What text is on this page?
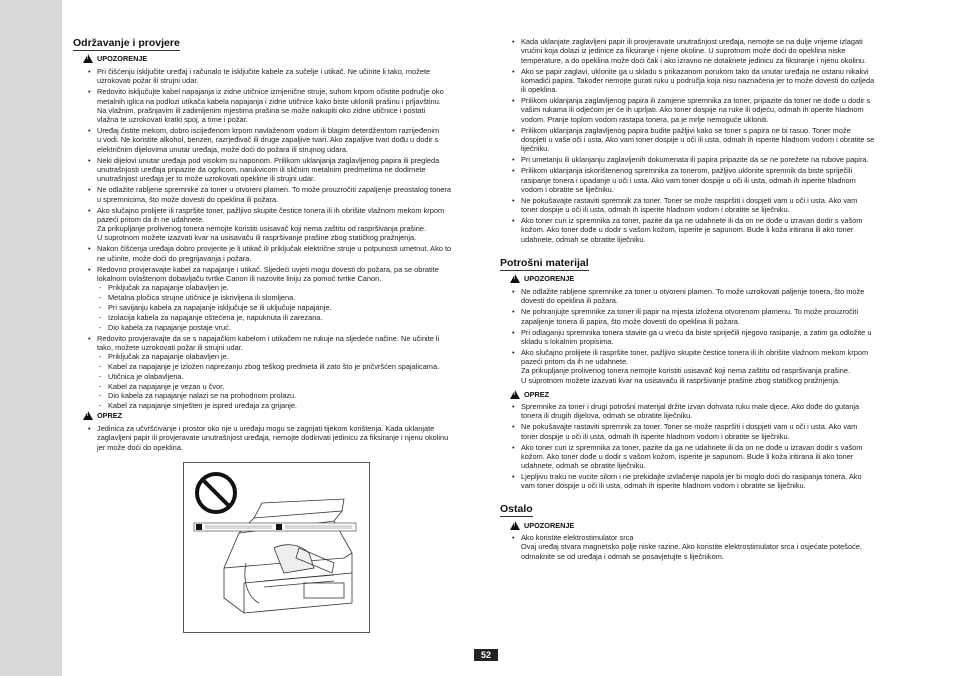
Održavanje i provjere
!
UPOZORENJE
• Pri čišćenju isključite uređaj i računalo te isključite kabele za sučelje i utikač. Ne učinite li tako, možete
uzrokovati požar ili strujni udar.
• Redovito isključujte kabel napajanja iz zidne utičnice izmjenične struje, suhom krpom očistite područje oko
metalnih iglica na podlozi utikača kabela napajanja i zidne utičnice kako biste uklonili prašinu i prljavštinu.
Na vlažnim, prašnjavim ili zadimljenim mjestima prašina se može nakupiti oko zidne utičnice i postati
vlažna te uzrokovati kratki spoj, a time i požar.
• Uređaj čistite mekom, dobro iscijeđenom krpom navlaženom vodom ili blagim deterdžentom razrijeđenim
u vodi. Ne koristite alkohol, benzen, razrjeđivač ili druge zapaljive tvari. Ako zapaljive tvari dođu u dodir s
električnim dijelovima unutar uređaja, može doći do požara ili strujnog udara.
• Neki dijelovi unutar uređaja pod visokim su naponom. Prilikom uklanjanja zaglavljenog papira ili pregleda
unutrašnjosti uređaja pripazite da ogrlicom, narukvicom ili sličnim metalnim predmetima ne dodirnete
unutrašnjost uređaja jer to može uzrokovati opekline ili strujni udar.
• Ne odlažite rabljene spremnike za toner u otvoreni plamen. To može prouzročiti zapaljenje preostalog tonera
u spremnicima, što može dovesti do opeklina ili požara.
• Ako slučajno prolijete ili raspršite toner, pažljivo skupite čestice tonera ili ih obrišite vlažnom mekom krpom
pazeći pritom da ih ne udahnete.
Za prikupljanje prolivenog tonera nemojte koristiti usisavač koji nema zaštitu od raspršivanja prašine.
U suprotnom možete izazvati kvar na usisavaču ili raspršivanje prašine zbog statičkog pražnjenja.
• Nakon čišćenja uređaja dobro provjerite je li utikač ili priključak električne struje u potpunosti umetnut. Ako to
ne učinite, može doći do pregrijavanja i požara.
• Redovno provjeravajte kabel za napajanje i utikač. Sljedeći uvjeti mogu dovesti do požara, pa se obratite
lokalnom ovlaštenom dobavljaču tvrtke Canon ili nazovite liniju za pomoć tvrtke Canon.
- Priključak za napajanje olabavljen je.
- Metalna pločica strujne utičnice je iskrivljena ili slomljena.
- Pri savijanju kabela za napajanje isključuje se ili uključuje napajanje.
- Izolacija kabela za napajanje oštećena je, napuknuta ili zarezana.
- Dio kabela za napajanje postaje vruć.
• Redovito provjeravajte da se s napajačkim kabelom i utikačem ne rukuje na sljedeće načine. Ne učinite li
tako, možete uzrokovati požar ili strujni udar.
- Priključak za napajanje olabavljen je.
- Kabel za napajanje je izložen naprezanju zbog teškog predmeta ili zato što je pričvršćen spajalicama.
- Utičnica je olabavljena.
- Kabel za napajanje je vezan u čvor.
- Dio kabela za napajanje nalazi se na prohodnom prolazu.
- Kabel za napajanje smješten je ispred uređaja za grijanje.
!
OPREZ
• Jedinica za učvršćivanje i prostor oko nje u uređaju mogu se zagrijati tijekom korištenja. Kada uklanjate
zaglavljeni papir ili provjeravate unutrašnjost uređaja, nemojte dodirivati jedinicu za fiksiranje i njenu okolinu
jer može doći do opeklina.
• Kada uklanjate zaglavljeni papir ili provjeravate unutrašnjost uređaja, nemojte se na dulje vrijeme izlagati
vrućini koja dolazi iz jedinice za fiksiranje i njene okoline. U suprotnom može doći do opeklina niske
temperature, a do opeklina može doći čak i ako izravno ne dotaknete jedinicu za fiksiranje i njenu okolinu.
• Ako se papir zaglavi, uklonite ga u skladu s prikazanom porukom tako da unutar uređaja ne ostanu nikakvi
komadići papira. Također nemojte gurati ruku u područja koja nisu naznačena jer to može dovesti do ozljeda
ili opeklina.
• Prilikom uklanjanja zaglavljenog papira ili zamjene spremnika za toner, pripazite da toner ne dođe u dodir s
vašim rukama ili odjećom jer će ih uprljati. Ako toner dospije na ruke ili odjeću, odmah ih operite hladnom
vodom. Pranje toplom vodom rastapa tonera, pa je mrlje nemoguće ukloniti.
• Prilikom uklanjanja zaglavljenog papira budite pažljivi kako se toner s papira ne bi rasuo. Toner može
dospjeti u vaše oči i usta. Ako vam toner dospije u oči ili usta, odmah ih isperite hladnom vodom i obratite se
liječniku.
• Pri umetanju ili uklanjanju zaglavljenih dokumenata ili papira pripazite da se ne porežete na rubove papira.
• Prilikom uklanjanja iskorištenenog spremnika za tonerom, pažljivo uklonite spremnik da biste spriječili
rasipanje tonera i upadanje u oči i usta. Ako vam toner dospije u oči ili usta, odmah ih isperite hladnom
vodom i obratite se liječniku.
• Ne pokušavajte rastaviti spremnik za toner. Toner se može raspršiti i dospjeti vam u oči i usta. Ako vam
toner dospije u oči ili usta, odmah ih isperite hladnom vodom i obratite se liječniku.
• Ako toner curi iz spremnika za toner, pazite da ga ne udahnete ili da on ne dođe u izravan dodir s vašom
kožom. Ako toner dođe u dodir s vašom kožom, isperite je sapunom. Bude li koža iritirana ili ako toner
udahnete, odmah se obratite liječniku.
Potrošni materijal
!
UPOZORENJE
• Ne odlažite rabljene spremnike za toner u otvoreni plamen. To može uzrokovati paljenje tonera, što može
dovesti do opeklina ili požara.
• Ne pohranjujte spremnike za toner ili papir na mjesta izložena otvorenom plamenu. To može prouzročiti
zapaljenje tonera ili papira, što može dovesti do opeklina ili požara.
• Pri odlaganju spremnika tonera stavite ga u vreću da biste spriječili njegovo rasipanje, a zatim ga odložite u
skladu s lokalnim propisima.
• Ako slučajno prolijete ili raspršite toner, pažljivo skupite čestice tonera ili ih obrišite vlažnom mekom krpom
pazeći pritom da ih ne udahnete.
Za prikupljanje prolivenog tonera nemojte koristiti usisavač koji nema zaštitu od raspršivanja prašine.
U suprotnom možete izazvati kvar na usisavaču ili raspršivanje prašine zbog statičkog pražnjenja.
!
OPREZ
• Spremnike za toner i drugi potrošni materijal držite izvan dohvata ruku male djece. Ako dođe do gutanja
tonera ili drugih dijelova, odmah se obratite liječniku.
• Ne pokušavajte rastaviti spremnik za toner. Toner se može raspršiti i dospjeti vam u oči i usta. Ako vam
toner dospije u oči ili usta, odmah ih isperite hladnom vodom i obratite se liječniku.
• Ako toner curi iz spremnika za toner, pazite da ga ne udahnete ili da on ne dođe u izravan dodir s vašom
kožom. Ako toner dođe u dodir s vašom kožom, isperite je sapunom. Bude li koža iritirana ili ako toner
udahnete, odmah se obratite liječniku.
• Ljepljivu traku ne vucite silom i ne prekidajte izvlačenje napola jer bi moglo doći do rasipanja tonera. Ako
vam toner dospije u oči ili usta, odmah ih isperite hladnom vodom i obratite se liječniku.
Ostalo
!
UPOZORENJE
• Ako koristite elektrostimulator srca
Ovaj uređaj stvara magnetsko polje niske razine. Ako koristite elektrostimulator srca i osjećate potešoće,
odmaknite se od uređaja i odmah se posavjetujte s liječnikom.
52
